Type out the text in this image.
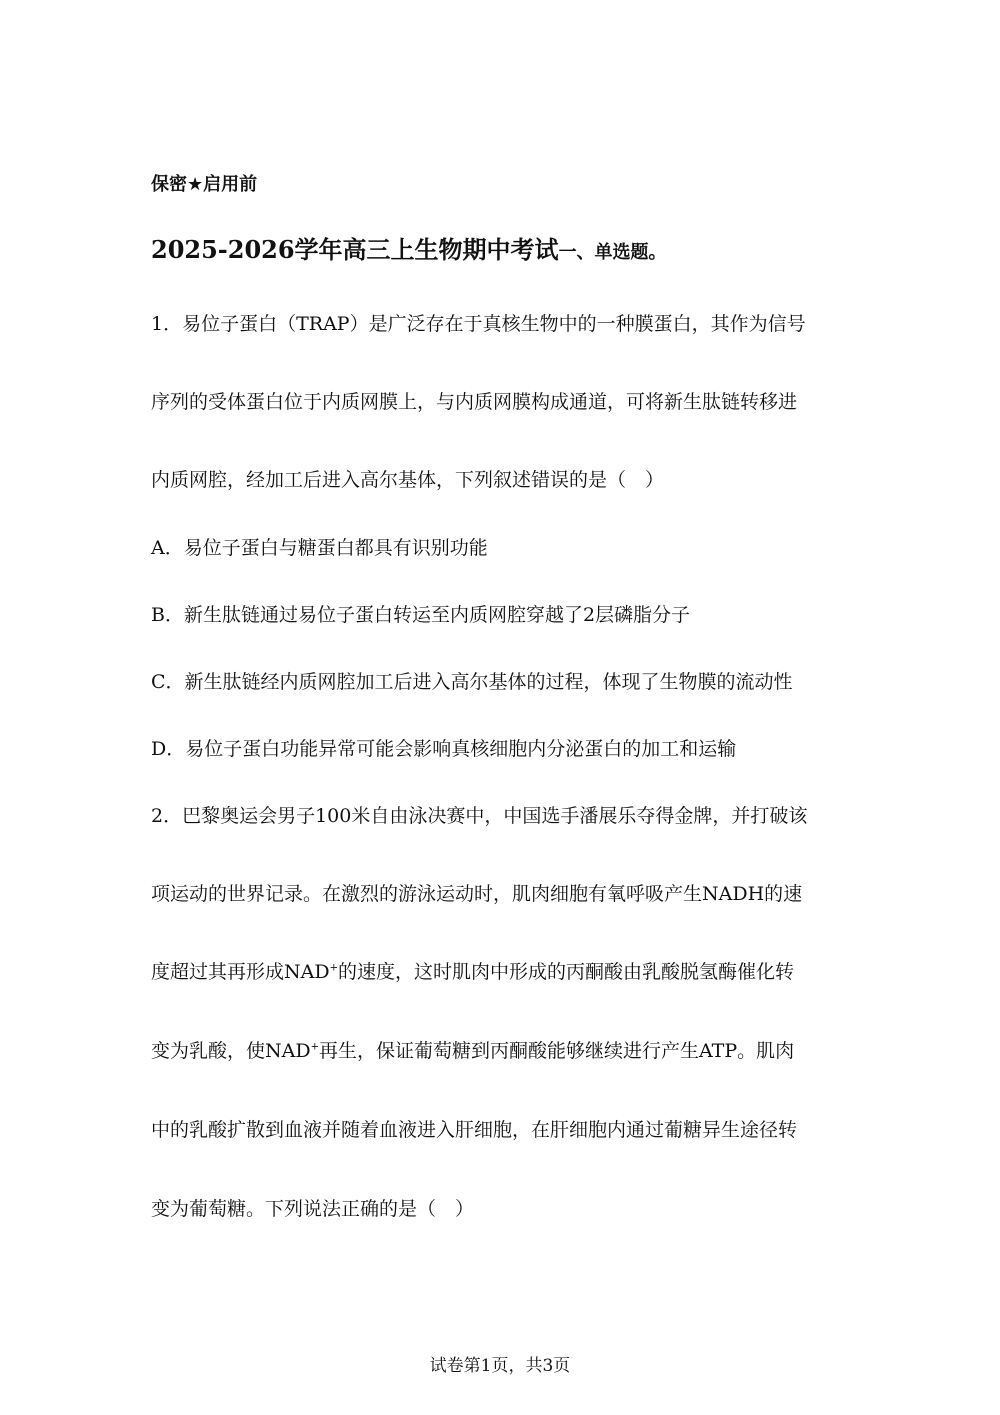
保密★启用前
2025-2026学年高三上生物期中考试一、单选题。
1．易位子蛋白（TRAP）是广泛存在于真核生物中的一种膜蛋白，其作为信号
序列的受体蛋白位于内质网膜上，与内质网膜构成通道，可将新生肽链转移进
内质网腔，经加工后进入高尔基体，下列叙述错误的是（　）
A．易位子蛋白与糖蛋白都具有识别功能
B．新生肽链通过易位子蛋白转运至内质网腔穿越了2层磷脂分子
C．新生肽链经内质网腔加工后进入高尔基体的过程，体现了生物膜的流动性
D．易位子蛋白功能异常可能会影响真核细胞内分泌蛋白的加工和运输
2．巴黎奥运会男子100米自由泳决赛中，中国选手潘展乐夺得金牌，并打破该
项运动的世界记录。在激烈的游泳运动时，肌肉细胞有氧呼吸产生NADH的速
度超过其再形成NAD+的速度，这时肌肉中形成的丙酮酸由乳酸脱氢酶催化转
变为乳酸，使NAD+再生，保证葡萄糖到丙酮酸能够继续进行产生ATP。肌肉
中的乳酸扩散到血液并随着血液进入肝细胞，在肝细胞内通过葡糖异生途径转
变为葡萄糖。下列说法正确的是（　）
试卷第1页，共3页
